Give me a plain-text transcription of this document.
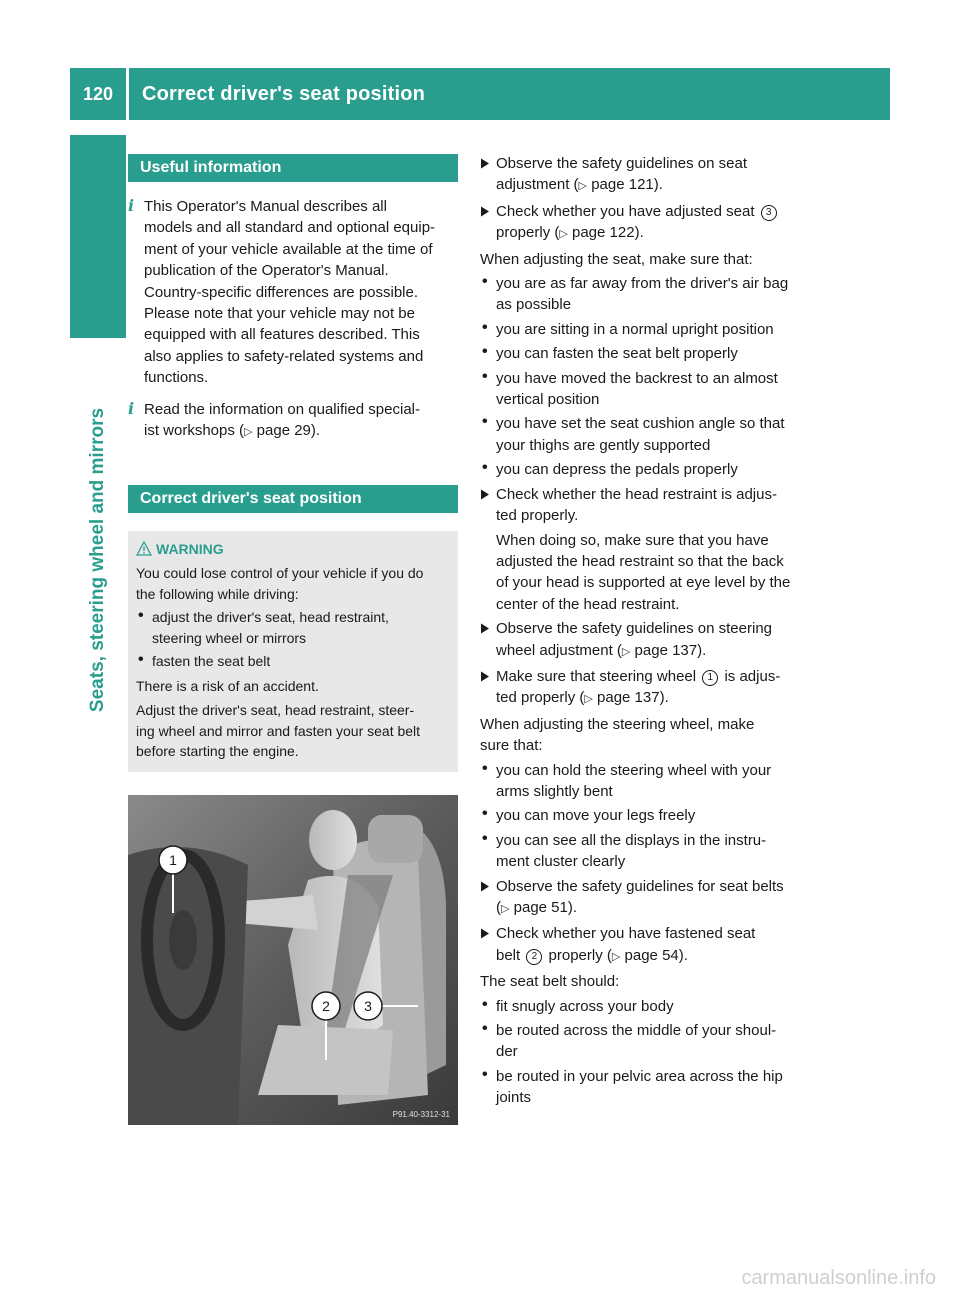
120	Correct driver's seat position
Seats, steering wheel and mirrors
Useful information
i This Operator's Manual describes all

models and all standard and optional equip-

ment of your vehicle available at the time of

publication of the Operator's Manual.

Country-specific differences are possible.

Please note that your vehicle may not be

equipped with all features described. This

also applies to safety-related systems and

functions.

i Read the information on qualified special-

ist workshops (▷ page 29).

Correct driver's seat position
WARNING

You could lose control of your vehicle if you do

the following while driving:

• adjust the driver's seat, head restraint,
steering wheel or mirrors
• fasten the seat belt

There is a risk of an accident.

Adjust the driver's seat, head restraint, steer-

ing wheel and mirror and fasten your seat belt

before starting the engine.

1
2 3
P91.40-3312-31
Observe the safety guidelines on seat
adjustment (▷ page 121).
Check whether you have adjusted seat 3
properly (▷ page 122).

When adjusting the seat, make sure that:

• you are as far away from the driver's air bag
as possible
• you are sitting in a normal upright position
• you can fasten the seat belt properly
• you have moved the backrest to an almost
vertical position
• you have set the seat cushion angle so that
your thighs are gently supported
• you can depress the pedals properly
Check whether the head restraint is adjus-
ted properly.
When doing so, make sure that you have
adjusted the head restraint so that the back
of your head is supported at eye level by the
center of the head restraint.
Observe the safety guidelines on steering
wheel adjustment (▷ page 137).
Make sure that steering wheel 1 is adjus-
ted properly (▷ page 137).

When adjusting the steering wheel, make

sure that:

• you can hold the steering wheel with your
arms slightly bent
• you can move your legs freely
• you can see all the displays in the instru-
ment cluster clearly
Observe the safety guidelines for seat belts
(▷ page 51).
Check whether you have fastened seat
belt 2 properly (▷ page 54).

The seat belt should:

• fit snugly across your body
• be routed across the middle of your shoul-
der
• be routed in your pelvic area across the hip
joints
carmanualsonline.info
